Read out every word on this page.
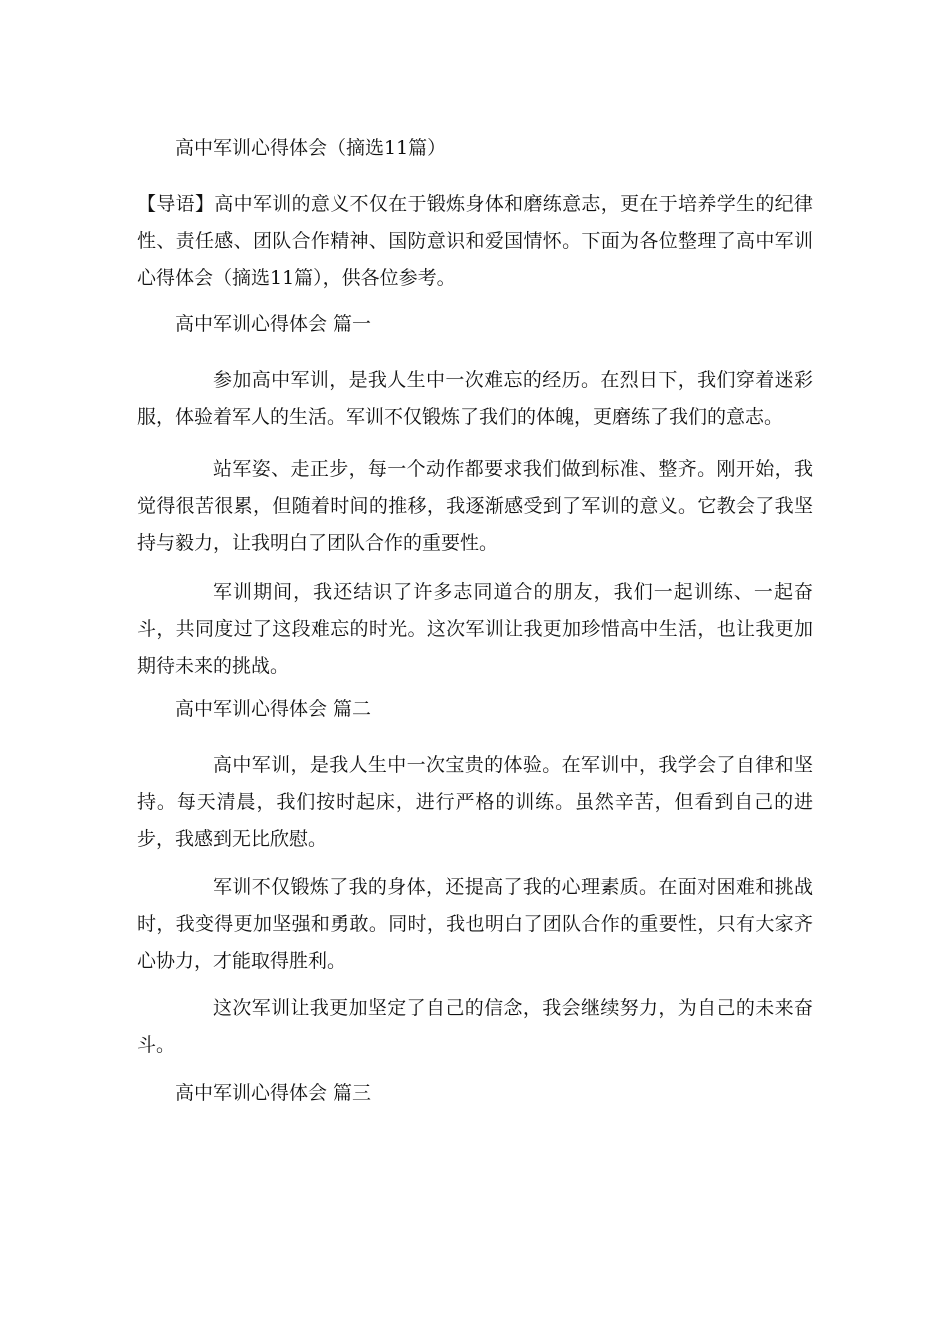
高中军训心得体会（摘选11篇）
【导语】高中军训的意义不仅在于锻炼身体和磨练意志，更在于培养学生的纪律性、责任感、团队合作精神、国防意识和爱国情怀。下面为各位整理了高中军训心得体会（摘选11篇），供各位参考。
高中军训心得体会 篇一
参加高中军训，是我人生中一次难忘的经历。在烈日下，我们穿着迷彩服，体验着军人的生活。军训不仅锻炼了我们的体魄，更磨练了我们的意志。
站军姿、走正步，每一个动作都要求我们做到标准、整齐。刚开始，我觉得很苦很累，但随着时间的推移，我逐渐感受到了军训的意义。它教会了我坚持与毅力，让我明白了团队合作的重要性。
军训期间，我还结识了许多志同道合的朋友，我们一起训练、一起奋斗，共同度过了这段难忘的时光。这次军训让我更加珍惜高中生活，也让我更加期待未来的挑战。
高中军训心得体会 篇二
高中军训，是我人生中一次宝贵的体验。在军训中，我学会了自律和坚持。每天清晨，我们按时起床，进行严格的训练。虽然辛苦，但看到自己的进步，我感到无比欣慰。
军训不仅锻炼了我的身体，还提高了我的心理素质。在面对困难和挑战时，我变得更加坚强和勇敢。同时，我也明白了团队合作的重要性，只有大家齐心协力，才能取得胜利。
这次军训让我更加坚定了自己的信念，我会继续努力，为自己的未来奋斗。
高中军训心得体会 篇三
